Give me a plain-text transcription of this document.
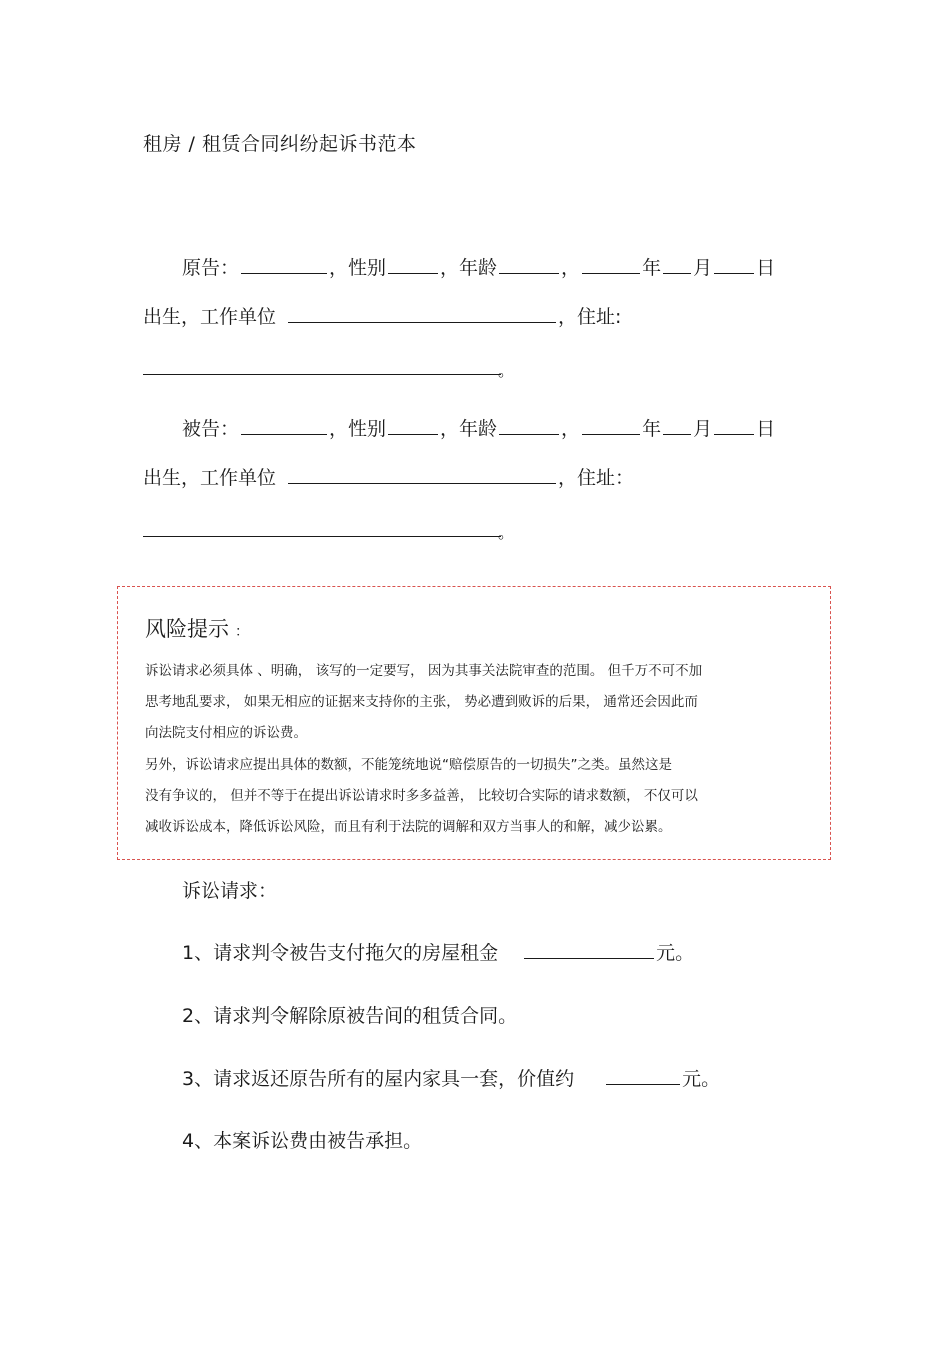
租房 / 租赁合同纠纷起诉书范本
原告：	，性别	，年龄	，	年 月 日
出生，工作单位	，住址:
。
被告：	，性别	，年龄	，	年 月 日
出生，工作单位	，住址：
。
风险提示 ：
诉讼请求必须具体 、明确， 该写的一定要写， 因为其事关法院审查的范围。 但千万不可不加
思考地乱要求， 如果无相应的证据来支持你的主张， 势必遭到败诉的后果， 通常还会因此而
向法院支付相应的诉讼费。
另外，诉讼请求应提出具体的数额，不能笼统地说“赔偿原告的一切损失”之类。虽然这是
没有争议的， 但并不等于在提出诉讼请求时多多益善， 比较切合实际的请求数额， 不仅可以
减收诉讼成本，降低诉讼风险，而且有利于法院的调解和双方当事人的和解，减少讼累。
诉讼请求：
1、请求判令被告支付拖欠的房屋租金	元。
2、请求判令解除原被告间的租赁合同。
3、请求返还原告所有的屋内家具一套，价值约	元。
4、本案诉讼费由被告承担。
